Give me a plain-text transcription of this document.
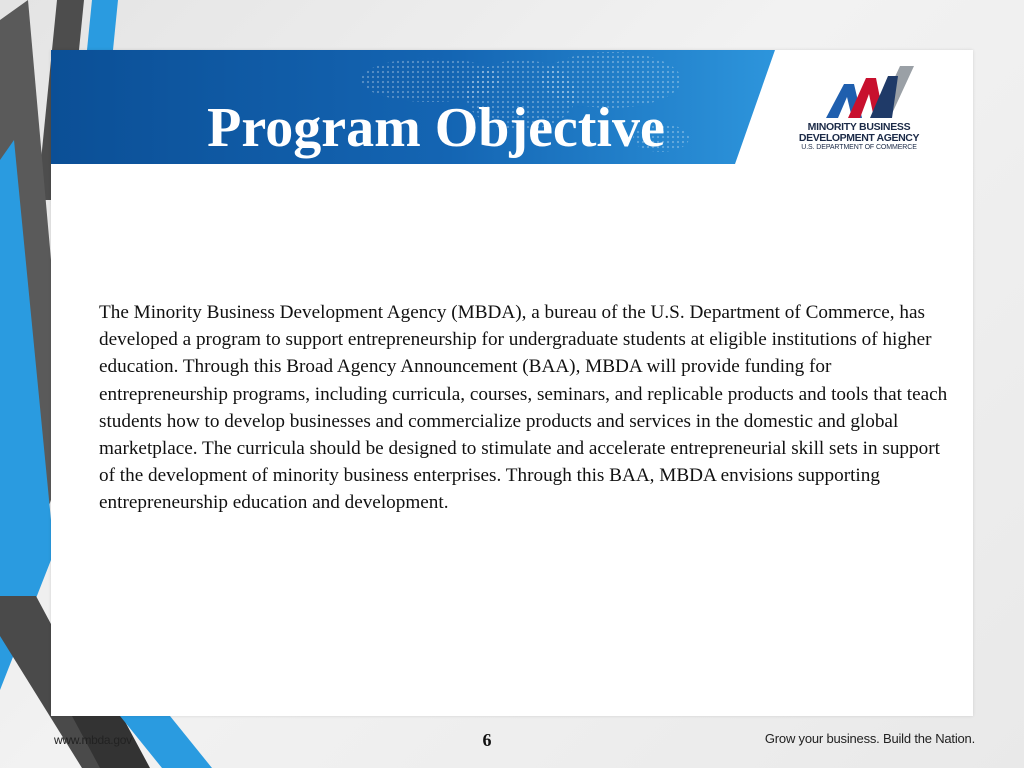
Program Objective	MINORITY BUSINESS
DEVELOPMENT AGENCY
U.S. DEPARTMENT OF COMMERCE

The Minority Business Development Agency (MBDA), a bureau of the U.S. Department of Commerce, has developed a program to support entrepreneurship for undergraduate students at eligible institutions of higher education. Through this Broad Agency Announcement (BAA), MBDA will provide funding for entrepreneurship programs, including curricula, courses, seminars, and replicable products and tools that teach students how to develop businesses and commercialize products and services in the domestic and global marketplace. The curricula should be designed to stimulate and accelerate entrepreneurial skill sets in support of the development of minority business enterprises. Through this BAA, MBDA envisions supporting entrepreneurship education and development.

www.mbda.gov	6	Grow your business. Build the Nation.
